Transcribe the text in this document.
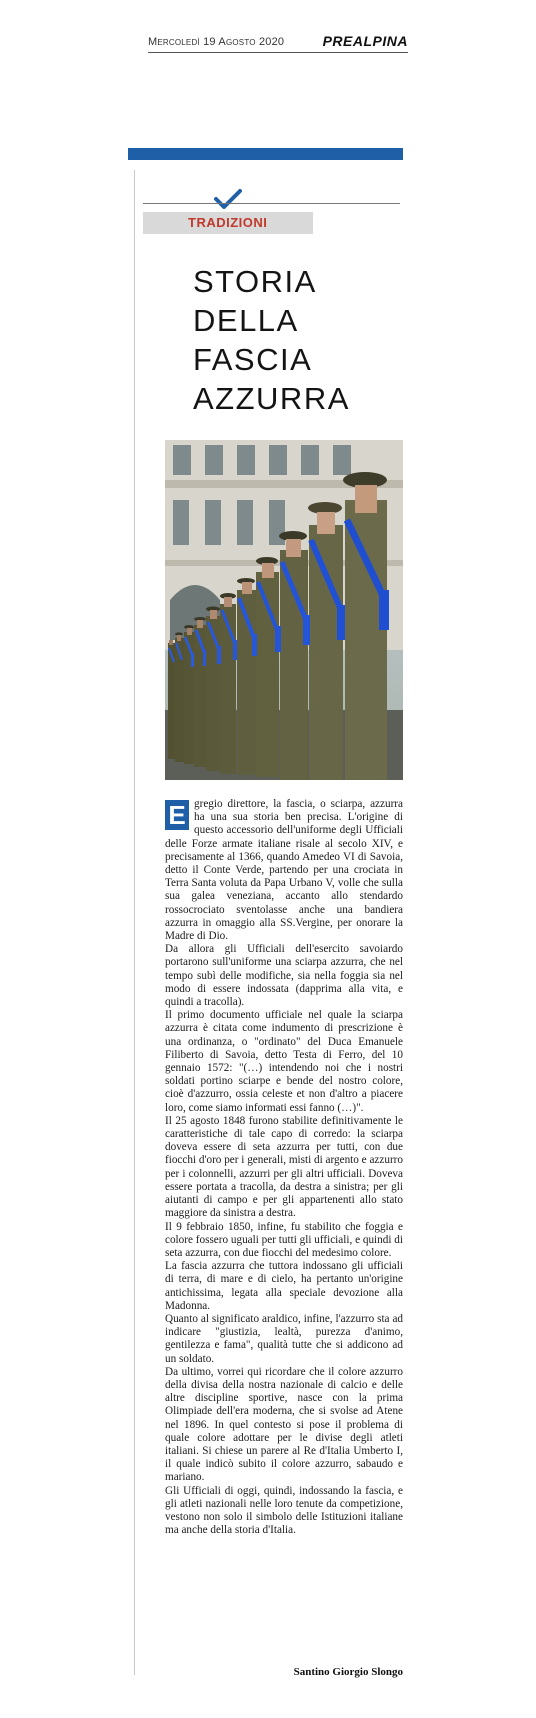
Mercoledì 19 Agosto 2020	PREALPINA
TRADIZIONI
STORIA
DELLA
FASCIA
AZZURRA

E gregio direttore, la fascia, o sciarpa, azzurra ha una sua storia ben precisa. L'origine di questo accessorio dell'uniforme degli Ufficiali delle Forze armate italiane risale al secolo XIV, e precisamente al 1366, quando Amedeo VI di Savoia, detto il Conte Verde, partendo per una crociata in Terra Santa voluta da Papa Urbano V, volle che sulla sua galea veneziana, accanto allo stendardo rossocrociato sventolasse anche una bandiera azzurra in omaggio alla SS.Vergine, per onorare la Madre di Dio.

Da allora gli Ufficiali dell'esercito savoiardo portarono sull'uniforme una sciarpa azzurra, che nel tempo subì delle modifiche, sia nella foggia sia nel modo di essere indossata (dapprima alla vita, e quindi a tracolla).

Il primo documento ufficiale nel quale la sciarpa azzurra è citata come indumento di prescrizione è una ordinanza, o "ordinato" del Duca Emanuele Filiberto di Savoia, detto Testa di Ferro, del 10 gennaio 1572: "(…) intendendo noi che i nostri soldati portino sciarpe e bende del nostro colore, cioè d'azzurro, ossia celeste et non d'altro a piacere loro, come siamo informati essi fanno (…)".

Il 25 agosto 1848 furono stabilite definitivamente le caratteristiche di tale capo di corredo: la sciarpa doveva essere di seta azzurra per tutti, con due fiocchi d'oro per i generali, misti di argento e azzurro per i colonnelli, azzurri per gli altri ufficiali. Doveva essere portata a tracolla, da destra a sinistra; per gli aiutanti di campo e per gli appartenenti allo stato maggiore da sinistra a destra.

Il 9 febbraio 1850, infine, fu stabilito che foggia e colore fossero uguali per tutti gli ufficiali, e quindi di seta azzurra, con due fiocchi del medesimo colore.

La fascia azzurra che tuttora indossano gli ufficiali di terra, di mare e di cielo, ha pertanto un'origine antichissima, legata alla speciale devozione alla Madonna.

Quanto al significato araldico, infine, l'azzurro sta ad indicare "giustizia, lealtà, purezza d'animo, gentilezza e fama", qualità tutte che si addicono ad un soldato.

Da ultimo, vorrei qui ricordare che il colore azzurro della divisa della nostra nazionale di calcio e delle altre discipline sportive, nasce con la prima Olimpiade dell'era moderna, che si svolse ad Atene nel 1896. In quel contesto si pose il problema di quale colore adottare per le divise degli atleti italiani. Si chiese un parere al Re d'Italia Umberto I, il quale indicò subito il colore azzurro, sabaudo e mariano.

Gli Ufficiali di oggi, quindi, indossando la fascia, e gli atleti nazionali nelle loro tenute da competizione, vestono non solo il simbolo delle Istituzioni italiane ma anche della storia d'Italia.

Santino Giorgio Slongo
